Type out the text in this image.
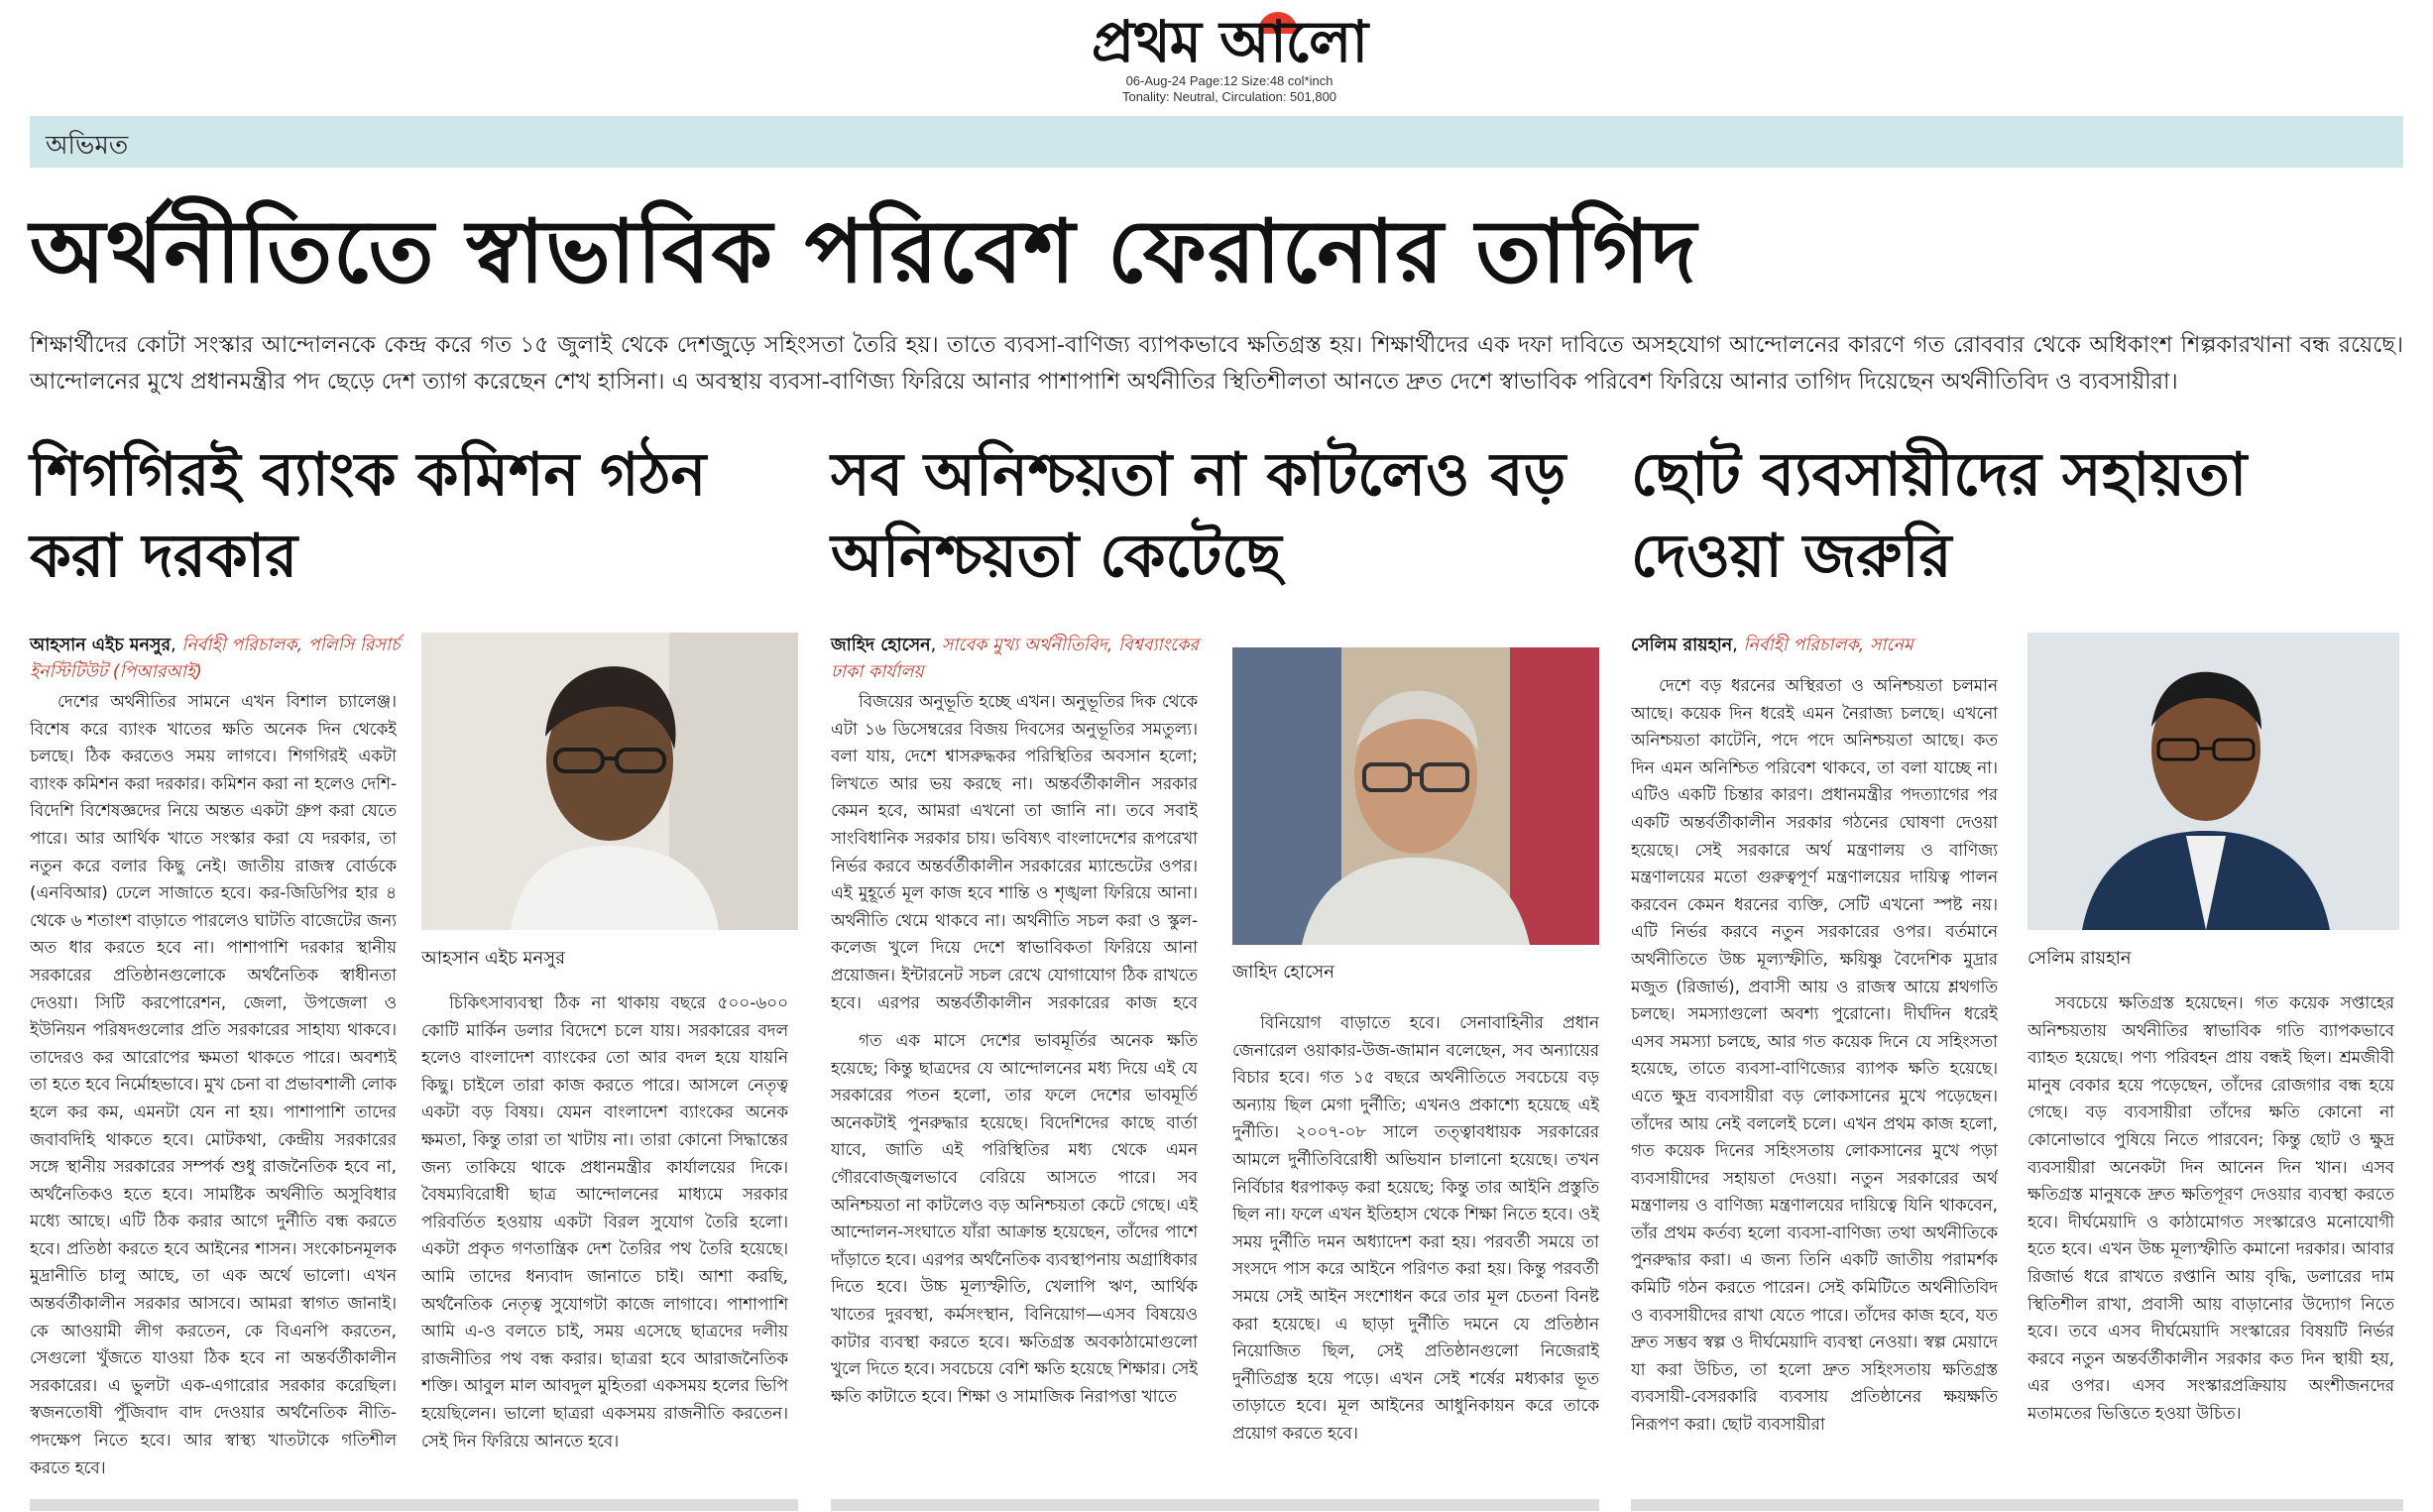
প্রথম আলো
06-Aug-24 Page:12 Size:48 col*inch
Tonality: Neutral, Circulation: 501,800
অভিমত
অর্থনীতিতে স্বাভাবিক পরিবেশ ফেরানোর তাগিদ

শিক্ষার্থীদের কোটা সংস্কার আন্দোলনকে কেন্দ্র করে গত ১৫ জুলাই থেকে দেশজুড়ে সহিংসতা তৈরি হয়। তাতে ব্যবসা-বাণিজ্য ব্যাপকভাবে ক্ষতিগ্রস্ত হয়। শিক্ষার্থীদের এক দফা দাবিতে অসহযোগ আন্দোলনের কারণে গত রোববার থেকে অধিকাংশ শিল্পকারখানা বন্ধ রয়েছে। আন্দোলনের মুখে প্রধানমন্ত্রীর পদ ছেড়ে দেশ ত্যাগ করেছেন শেখ হাসিনা। এ অবস্থায় ব্যবসা-বাণিজ্য ফিরিয়ে আনার পাশাপাশি অর্থনীতির স্থিতিশীলতা আনতে দ্রুত দেশে স্বাভাবিক পরিবেশ ফিরিয়ে আনার তাগিদ দিয়েছেন অর্থনীতিবিদ ও ব্যবসায়ীরা।

শিগগিরই ব্যাংক কমিশন গঠন করা দরকার
আহসান এইচ মনসুর, নির্বাহী পরিচালক, পলিসি রিসার্চ ইনস্টিটিউট (পিআরআই)
আহসান এইচ মনসুর

দেশের অর্থনীতির সামনে এখন বিশাল চ্যালেঞ্জ। বিশেষ করে ব্যাংক খাতের ক্ষতি অনেক দিন থেকেই চলছে। ঠিক করতেও সময় লাগবে। শিগগিরই একটা ব্যাংক কমিশন করা দরকার। কমিশন করা না হলেও দেশি-বিদেশি বিশেষজ্ঞদের নিয়ে অন্তত একটা গ্রুপ করা যেতে পারে। আর আর্থিক খাতে সংস্কার করা যে দরকার, তা নতুন করে বলার কিছু নেই। জাতীয় রাজস্ব বোর্ডকে (এনবিআর) ঢেলে সাজাতে হবে। কর-জিডিপির হার ৪ থেকে ৬ শতাংশ বাড়াতে পারলেও ঘাটতি বাজেটের জন্য অত ধার করতে হবে না। পাশাপাশি দরকার স্থানীয় সরকারের প্রতিষ্ঠানগুলোকে অর্থনৈতিক স্বাধীনতা দেওয়া। সিটি করপোরেশন, জেলা, উপজেলা ও ইউনিয়ন পরিষদগুলোর প্রতি সরকারের সাহায্য থাকবে। তাদেরও কর আরোপের ক্ষমতা থাকতে পারে। অবশ্যই তা হতে হবে নির্মোহভাবে। মুখ চেনা বা প্রভাবশালী লোক হলে কর কম, এমনটা যেন না হয়। পাশাপাশি তাদের জবাবদিহি থাকতে হবে। মোটকথা, কেন্দ্রীয় সরকারের সঙ্গে স্থানীয় সরকারের সম্পর্ক শুধু রাজনৈতিক হবে না, অর্থনৈতিকও হতে হবে। সামষ্টিক অর্থনীতি অসুবিধার মধ্যে আছে। এটি ঠিক করার আগে দুর্নীতি বন্ধ করতে হবে। প্রতিষ্ঠা করতে হবে আইনের শাসন। সংকোচনমূলক মুদ্রানীতি চালু আছে, তা এক অর্থে ভালো। এখন অন্তর্বর্তীকালীন সরকার আসবে। আমরা স্বাগত জানাই। কে আওয়ামী লীগ করতেন, কে বিএনপি করতেন, সেগুলো খুঁজতে যাওয়া ঠিক হবে না অন্তর্বর্তীকালীন সরকারের। এ ভুলটা এক-এগারোর সরকার করেছিল। স্বজনতোষী পুঁজিবাদ বাদ দেওয়ার অর্থনৈতিক নীতি-পদক্ষেপ নিতে হবে। আর স্বাস্থ্য খাতটাকে গতিশীল করতে হবে।

চিকিৎসাব্যবস্থা ঠিক না থাকায় বছরে ৫০০-৬০০ কোটি মার্কিন ডলার বিদেশে চলে যায়। সরকারের বদল হলেও বাংলাদেশ ব্যাংকের তো আর বদল হয়ে যায়নি কিছু। চাইলে তারা কাজ করতে পারে। আসলে নেতৃত্ব একটা বড় বিষয়। যেমন বাংলাদেশ ব্যাংকের অনেক ক্ষমতা, কিন্তু তারা তা খাটায় না। তারা কোনো সিদ্ধান্তের জন্য তাকিয়ে থাকে প্রধানমন্ত্রীর কার্যালয়ের দিকে। বৈষম্যবিরোধী ছাত্র আন্দোলনের মাধ্যমে সরকার পরিবর্তিত হওয়ায় একটা বিরল সুযোগ তৈরি হলো। একটা প্রকৃত গণতান্ত্রিক দেশ তৈরির পথ তৈরি হয়েছে। আমি তাদের ধন্যবাদ জানাতে চাই। আশা করছি, অর্থনৈতিক নেতৃত্ব সুযোগটা কাজে লাগাবে। পাশাপাশি আমি এ-ও বলতে চাই, সময় এসেছে ছাত্রদের দলীয় রাজনীতির পথ বন্ধ করার। ছাত্ররা হবে আরাজনৈতিক শক্তি। আবুল মাল আবদুল মুহিতরা একসময় হলের ভিপি হয়েছিলেন। ভালো ছাত্ররা একসময় রাজনীতি করতেন। সেই দিন ফিরিয়ে আনতে হবে।

সব অনিশ্চয়তা না কাটলেও বড় অনিশ্চয়তা কেটেছে
জাহিদ হোসেন, সাবেক মুখ্য অর্থনীতিবিদ, বিশ্বব্যাংকের ঢাকা কার্যালয়
জাহিদ হোসেন

বিজয়ের অনুভূতি হচ্ছে এখন। অনুভূতির দিক থেকে এটা ১৬ ডিসেম্বরের বিজয় দিবসের অনুভূতির সমতুল্য। বলা যায়, দেশে শ্বাসরুদ্ধকর পরিস্থিতির অবসান হলো; লিখতে আর ভয় করছে না। অন্তর্বর্তীকালীন সরকার কেমন হবে, আমরা এখনো তা জানি না। তবে সবাই সাংবিধানিক সরকার চায়। ভবিষ্যৎ বাংলাদেশের রূপরেখা নির্ভর করবে অন্তর্বর্তীকালীন সরকারের ম্যান্ডেটের ওপর। এই মুহূর্তে মূল কাজ হবে শান্তি ও শৃঙ্খলা ফিরিয়ে আনা। অর্থনীতি থেমে থাকবে না। অর্থনীতি সচল করা ও স্কুল-কলেজ খুলে দিয়ে দেশে স্বাভাবিকতা ফিরিয়ে আনা প্রয়োজন। ইন্টারনেট সচল রেখে যোগাযোগ ঠিক রাখতে হবে। এরপর অন্তর্বর্তীকালীন সরকারের কাজ হবে

বিনিয়োগ বাড়াতে হবে। সেনাবাহিনীর প্রধান জেনারেল ওয়াকার-উজ-জামান বলেছেন, সব অন্যায়ের বিচার হবে। গত ১৫ বছরে অর্থনীতিতে সবচেয়ে বড় অন্যায় ছিল মেগা দুর্নীতি; এখনও প্রকাশ্যে হয়েছে এই দুর্নীতি। ২০০৭-০৮ সালে তত্ত্বাবধায়ক সরকারের আমলে দুর্নীতিবিরোধী অভিযান চালানো হয়েছে। তখন নির্বিচার ধরপাকড় করা হয়েছে; কিন্তু তার আইনি প্রস্তুতি ছিল না। ফলে এখন ইতিহাস থেকে শিক্ষা নিতে হবে। ওই সময় দুর্নীতি দমন অধ্যাদেশ করা হয়। পরবর্তী সময়ে তা সংসদে পাস করে আইনে পরিণত করা হয়। কিন্তু পরবর্তী সময়ে সেই আইন সংশোধন করে তার মূল চেতনা বিনষ্ট করা হয়েছে। এ ছাড়া দুর্নীতি দমনে যে প্রতিষ্ঠান নিয়োজিত ছিল, সেই প্রতিষ্ঠানগুলো নিজেরাই দুর্নীতিগ্রস্ত হয়ে পড়ে। এখন সেই শর্ষের মধ্যকার ভূত তাড়াতে হবে। মূল আইনের আধুনিকায়ন করে তাকে প্রয়োগ করতে হবে।

গত এক মাসে দেশের ভাবমূর্তির অনেক ক্ষতি হয়েছে; কিন্তু ছাত্রদের যে আন্দোলনের মধ্য দিয়ে এই যে সরকারের পতন হলো, তার ফলে দেশের ভাবমূর্তি অনেকটাই পুনরুদ্ধার হয়েছে। বিদেশিদের কাছে বার্তা যাবে, জাতি এই পরিস্থিতির মধ্য থেকে এমন গৌরবোজ্জ্বলভাবে বেরিয়ে আসতে পারে। সব অনিশ্চয়তা না কাটলেও বড় অনিশ্চয়তা কেটে গেছে। এই আন্দোলন-সংঘাতে যাঁরা আক্রান্ত হয়েছেন, তাঁদের পাশে দাঁড়াতে হবে। এরপর অর্থনৈতিক ব্যবস্থাপনায় অগ্রাধিকার দিতে হবে। উচ্চ মূল্যস্ফীতি, খেলাপি ঋণ, আর্থিক খাতের দুরবস্থা, কর্মসংস্থান, বিনিয়োগ—এসব বিষয়েও কাটার ব্যবস্থা করতে হবে। ক্ষতিগ্রস্ত অবকাঠামোগুলো খুলে দিতে হবে। সবচেয়ে বেশি ক্ষতি হয়েছে শিক্ষার। সেই ক্ষতি কাটাতে হবে। শিক্ষা ও সামাজিক নিরাপত্তা খাতে

ছোট ব্যবসায়ীদের সহায়তা দেওয়া জরুরি
সেলিম রায়হান, নির্বাহী পরিচালক, সানেম
সেলিম রায়হান

দেশে বড় ধরনের অস্থিরতা ও অনিশ্চয়তা চলমান আছে। কয়েক দিন ধরেই এমন নৈরাজ্য চলছে। এখনো অনিশ্চয়তা কাটেনি, পদে পদে অনিশ্চয়তা আছে। কত দিন এমন অনিশ্চিত পরিবেশ থাকবে, তা বলা যাচ্ছে না। এটিও একটি চিন্তার কারণ। প্রধানমন্ত্রীর পদত্যাগের পর একটি অন্তর্বর্তীকালীন সরকার গঠনের ঘোষণা দেওয়া হয়েছে। সেই সরকারে অর্থ মন্ত্রণালয় ও বাণিজ্য মন্ত্রণালয়ের মতো গুরুত্বপূর্ণ মন্ত্রণালয়ের দায়িত্ব পালন করবেন কেমন ধরনের ব্যক্তি, সেটি এখনো স্পষ্ট নয়। এটি নির্ভর করবে নতুন সরকারের ওপর। বর্তমানে অর্থনীতিতে উচ্চ মূল্যস্ফীতি, ক্ষয়িষ্ণু বৈদেশিক মুদ্রার মজুত (রিজার্ভ), প্রবাসী আয় ও রাজস্ব আয়ে শ্লথগতি চলছে। সমস্যাগুলো অবশ্য পুরোনো। দীর্ঘদিন ধরেই এসব সমস্যা চলছে, আর গত কয়েক দিনে যে সহিংসতা হয়েছে, তাতে ব্যবসা-বাণিজ্যের ব্যাপক ক্ষতি হয়েছে। এতে ক্ষুদ্র ব্যবসায়ীরা বড় লোকসানের মুখে পড়েছেন। তাঁদের আয় নেই বললেই চলে। এখন প্রথম কাজ হলো, গত কয়েক দিনের সহিংসতায় লোকসানের মুখে পড়া ব্যবসায়ীদের সহায়তা দেওয়া। নতুন সরকারের অর্থ মন্ত্রণালয় ও বাণিজ্য মন্ত্রণালয়ের দায়িত্বে যিনি থাকবেন, তাঁর প্রথম কর্তব্য হলো ব্যবসা-বাণিজ্য তথা অর্থনীতিকে পুনরুদ্ধার করা। এ জন্য তিনি একটি জাতীয় পরামর্শক কমিটি গঠন করতে পারেন। সেই কমিটিতে অর্থনীতিবিদ ও ব্যবসায়ীদের রাখা যেতে পারে। তাঁদের কাজ হবে, যত দ্রুত সম্ভব স্বল্প ও দীর্ঘমেয়াদি ব্যবস্থা নেওয়া। স্বল্প মেয়াদে যা করা উচিত, তা হলো দ্রুত সহিংসতায় ক্ষতিগ্রস্ত ব্যবসায়ী-বেসরকারি ব্যবসায় প্রতিষ্ঠানের ক্ষয়ক্ষতি নিরূপণ করা। ছোট ব্যবসায়ীরা

সবচেয়ে ক্ষতিগ্রস্ত হয়েছেন। গত কয়েক সপ্তাহের অনিশ্চয়তায় অর্থনীতির স্বাভাবিক গতি ব্যাপকভাবে ব্যাহত হয়েছে। পণ্য পরিবহন প্রায় বন্ধই ছিল। শ্রমজীবী মানুষ বেকার হয়ে পড়েছেন, তাঁদের রোজগার বন্ধ হয়ে গেছে। বড় ব্যবসায়ীরা তাঁদের ক্ষতি কোনো না কোনোভাবে পুষিয়ে নিতে পারবেন; কিন্তু ছোট ও ক্ষুদ্র ব্যবসায়ীরা অনেকটা দিন আনেন দিন খান। এসব ক্ষতিগ্রস্ত মানুষকে দ্রুত ক্ষতিপূরণ দেওয়ার ব্যবস্থা করতে হবে। দীর্ঘমেয়াদি ও কাঠামোগত সংস্কারেও মনোযোগী হতে হবে। এখন উচ্চ মূল্যস্ফীতি কমানো দরকার। আবার রিজার্ভ ধরে রাখতে রপ্তানি আয় বৃদ্ধি, ডলারের দাম স্থিতিশীল রাখা, প্রবাসী আয় বাড়ানোর উদ্যোগ নিতে হবে। তবে এসব দীর্ঘমেয়াদি সংস্কারের বিষয়টি নির্ভর করবে নতুন অন্তর্বর্তীকালীন সরকার কত দিন স্থায়ী হয়, এর ওপর। এসব সংস্কারপ্রক্রিয়ায় অংশীজনদের মতামতের ভিত্তিতে হওয়া উচিত।
